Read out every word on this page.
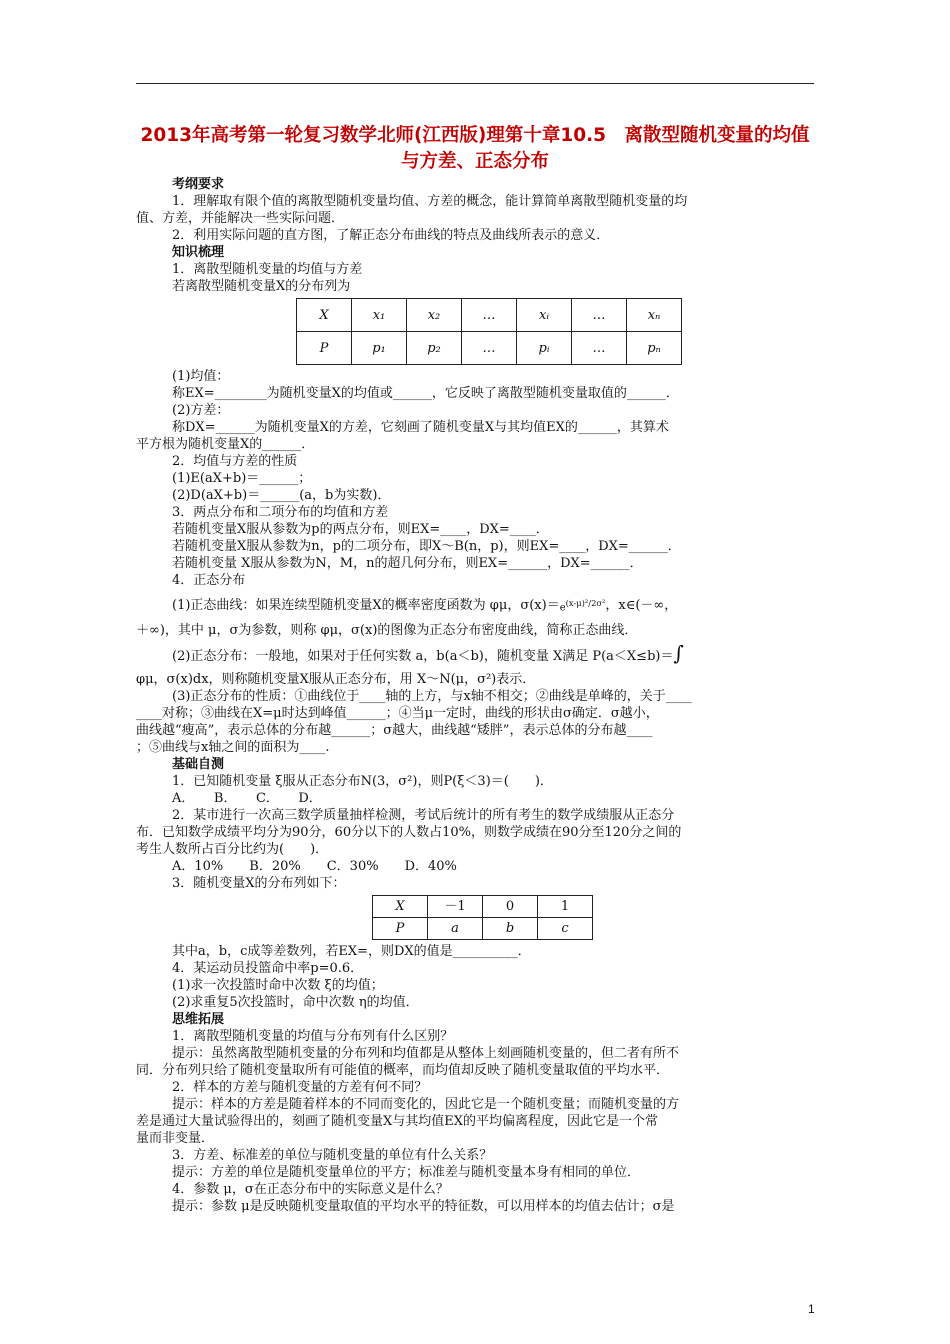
2013年高考第一轮复习数学北师(江西版)理第十章10.5　离散型随机变量的均值与方差、正态分布

考纲要求

1．理解取有限个值的离散型随机变量均值、方差的概念，能计算简单离散型随机变量的均

值、方差，并能解决一些实际问题．

2．利用实际问题的直方图，了解正态分布曲线的特点及曲线所表示的意义．

知识梳理

1．离散型随机变量的均值与方差

若离散型随机变量X的分布列为

X	x₁	x₂	…	xᵢ	…	xₙ
P	p₁	p₂	…	pᵢ	…	pₙ

(1)均值：

称EX=________为随机变量X的均值或______，它反映了离散型随机变量取值的______．

(2)方差：

称DX=______为随机变量X的方差，它刻画了随机变量X与其均值EX的______，其算术

平方根为随机变量X的______．

2．均值与方差的性质

(1)E(aX+b)＝______；

(2)D(aX+b)＝______(a，b为实数)．

3．两点分布和二项分布的均值和方差

若随机变量X服从参数为p的两点分布，则EX=____，DX=____．

若随机变量X服从参数为n，p的二项分布，即X～B(n，p)，则EX=____，DX=______．

若随机变量 X服从参数为N，M，n的超几何分布，则EX=______，DX=______．

4．正态分布

(1)正态曲线：如果连续型随机变量X的概率密度函数为 φμ，$\sigma(x)=e^{(x-\mu)^2/2\sigma^2}$，x∈(－∞，

＋∞)，其中 μ，σ为参数，则称 φμ，σ(x)的图像为正态分布密度曲线，简称正态曲线．

(2)正态分布：一般地，如果对于任何实数 a，b(a＜b)，随机变量 X满足 P(a＜X≤b)＝∫

φμ，σ(x)dx，则称随机变量X服从正态分布，用 X～N(μ，σ²)表示．

(3)正态分布的性质：①曲线位于____轴的上方，与x轴不相交；②曲线是单峰的，关于____

____对称；③曲线在X=μ时达到峰值______；④当μ一定时，曲线的形状由σ确定．σ越小，

曲线越“瘦高”，表示总体的分布越______；σ越大，曲线越“矮胖”，表示总体的分布越____

；⑤曲线与x轴之间的面积为____.

基础自测

1．已知随机变量 ξ服从正态分布N(3，σ²)，则P(ξ＜3)＝(　　)．

A．　　B．　　C．　　D．

2．某市进行一次高三数学质量抽样检测，考试后统计的所有考生的数学成绩服从正态分

布．已知数学成绩平均分为90分，60分以下的人数占10%，则数学成绩在90分至120分之间的

考生人数所占百分比约为(　　)．

A．10%　　B．20%　　C．30%　　D．40%

3．随机变量X的分布列如下：

X	－1	0	1
P	a	b	c

其中a，b，c成等差数列，若EX=，则DX的值是__________．

4．某运动员投篮命中率p=0.6．

(1)求一次投篮时命中次数 ξ的均值；

(2)求重复5次投篮时，命中次数 η的均值．

思维拓展

1．离散型随机变量的均值与分布列有什么区别？

提示：虽然离散型随机变量的分布列和均值都是从整体上刻画随机变量的，但二者有所不

同．分布列只给了随机变量取所有可能值的概率，而均值却反映了随机变量取值的平均水平．

2．样本的方差与随机变量的方差有何不同？

提示：样本的方差是随着样本的不同而变化的，因此它是一个随机变量；而随机变量的方

差是通过大量试验得出的，刻画了随机变量X与其均值EX的平均偏离程度，因此它是一个常

量而非变量．

3．方差、标准差的单位与随机变量的单位有什么关系？

提示：方差的单位是随机变量单位的平方；标准差与随机变量本身有相同的单位．

4．参数 μ，σ在正态分布中的实际意义是什么？

提示：参数 μ是反映随机变量取值的平均水平的特征数，可以用样本的均值去估计；σ是

1
